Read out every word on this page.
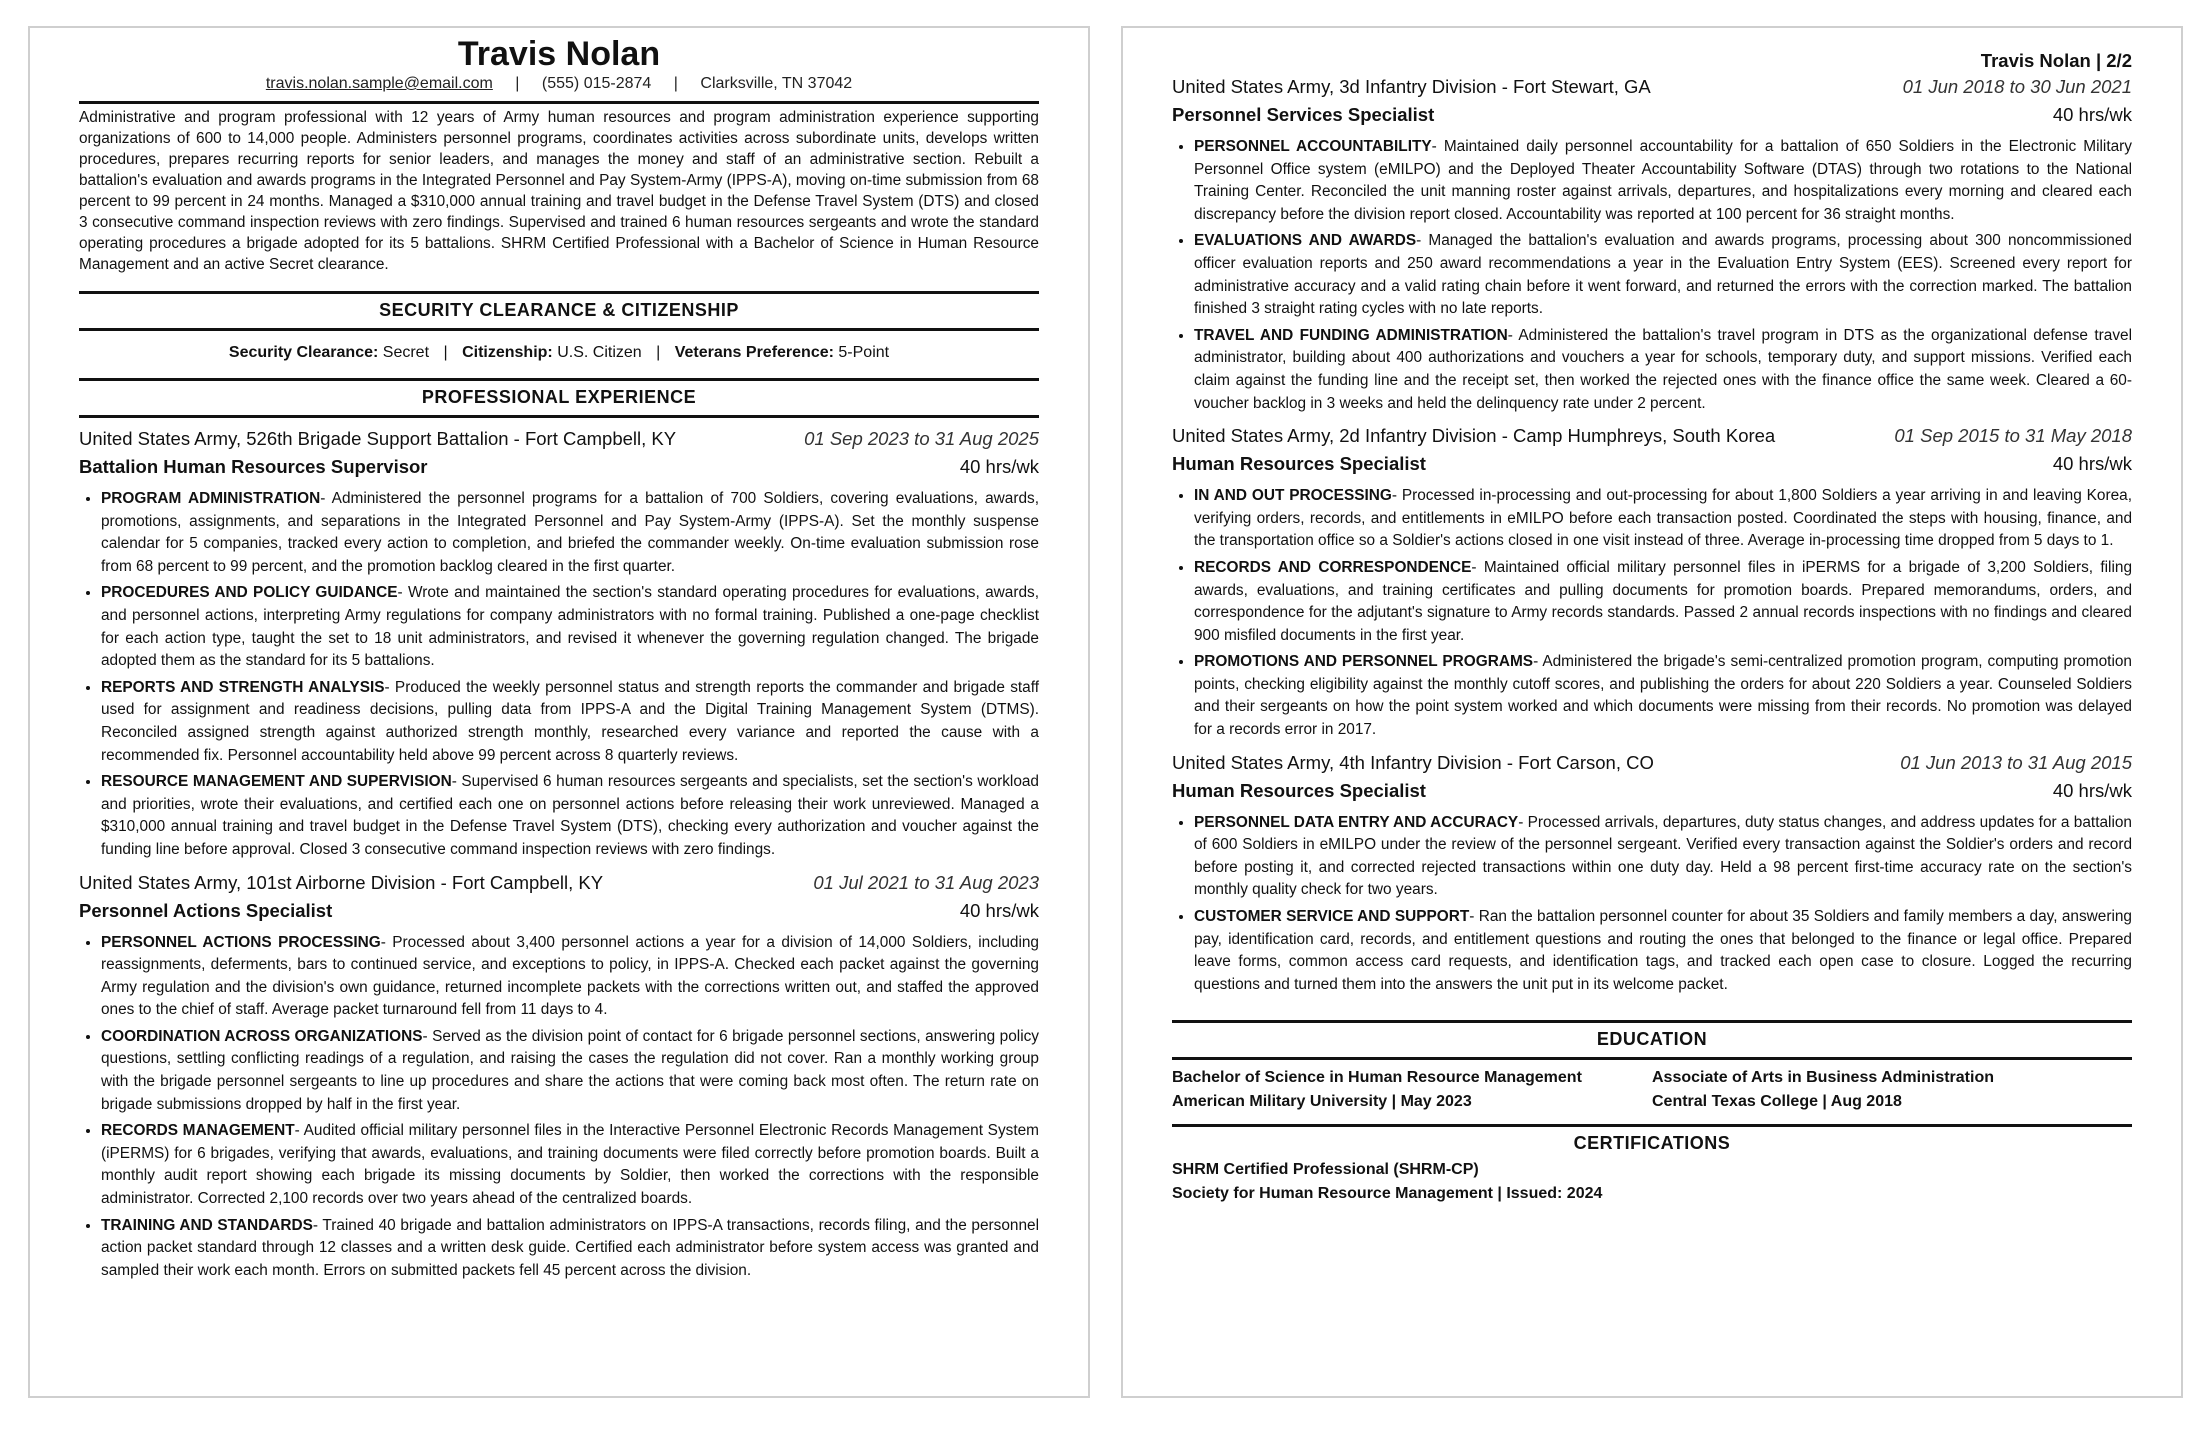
Travis Nolan
travis.nolan.sample@email.com | (555) 015-2874 | Clarksville, TN 37042
Administrative and program professional with 12 years of Army human resources and program administration experience supporting organizations of 600 to 14,000 people. Administers personnel programs, coordinates activities across subordinate units, develops written procedures, prepares recurring reports for senior leaders, and manages the money and staff of an administrative section. Rebuilt a battalion's evaluation and awards programs in the Integrated Personnel and Pay System-Army (IPPS-A), moving on-time submission from 68 percent to 99 percent in 24 months. Managed a $310,000 annual training and travel budget in the Defense Travel System (DTS) and closed 3 consecutive command inspection reviews with zero findings. Supervised and trained 6 human resources sergeants and wrote the standard operating procedures a brigade adopted for its 5 battalions. SHRM Certified Professional with a Bachelor of Science in Human Resource Management and an active Secret clearance.
SECURITY CLEARANCE & CITIZENSHIP
Security Clearance: Secret | Citizenship: U.S. Citizen | Veterans Preference: 5-Point
PROFESSIONAL EXPERIENCE
United States Army, 526th Brigade Support Battalion - Fort Campbell, KY	01 Sep 2023 to 31 Aug 2025
Battalion Human Resources Supervisor	40 hrs/wk
• PROGRAM ADMINISTRATION- Administered the personnel programs for a battalion of 700 Soldiers, covering evaluations, awards, promotions, assignments, and separations in the Integrated Personnel and Pay System-Army (IPPS-A). Set the monthly suspense calendar for 5 companies, tracked every action to completion, and briefed the commander weekly. On-time evaluation submission rose from 68 percent to 99 percent, and the promotion backlog cleared in the first quarter.
• PROCEDURES AND POLICY GUIDANCE- Wrote and maintained the section's standard operating procedures for evaluations, awards, and personnel actions, interpreting Army regulations for company administrators with no formal training. Published a one-page checklist for each action type, taught the set to 18 unit administrators, and revised it whenever the governing regulation changed. The brigade adopted them as the standard for its 5 battalions.
• REPORTS AND STRENGTH ANALYSIS- Produced the weekly personnel status and strength reports the commander and brigade staff used for assignment and readiness decisions, pulling data from IPPS-A and the Digital Training Management System (DTMS). Reconciled assigned strength against authorized strength monthly, researched every variance and reported the cause with a recommended fix. Personnel accountability held above 99 percent across 8 quarterly reviews.
• RESOURCE MANAGEMENT AND SUPERVISION- Supervised 6 human resources sergeants and specialists, set the section's workload and priorities, wrote their evaluations, and certified each one on personnel actions before releasing their work unreviewed. Managed a $310,000 annual training and travel budget in the Defense Travel System (DTS), checking every authorization and voucher against the funding line before approval. Closed 3 consecutive command inspection reviews with zero findings.
United States Army, 101st Airborne Division - Fort Campbell, KY	01 Jul 2021 to 31 Aug 2023
Personnel Actions Specialist	40 hrs/wk
• PERSONNEL ACTIONS PROCESSING- Processed about 3,400 personnel actions a year for a division of 14,000 Soldiers, including reassignments, deferments, bars to continued service, and exceptions to policy, in IPPS-A. Checked each packet against the governing Army regulation and the division's own guidance, returned incomplete packets with the corrections written out, and staffed the approved ones to the chief of staff. Average packet turnaround fell from 11 days to 4.
• COORDINATION ACROSS ORGANIZATIONS- Served as the division point of contact for 6 brigade personnel sections, answering policy questions, settling conflicting readings of a regulation, and raising the cases the regulation did not cover. Ran a monthly working group with the brigade personnel sergeants to line up procedures and share the actions that were coming back most often. The return rate on brigade submissions dropped by half in the first year.
• RECORDS MANAGEMENT- Audited official military personnel files in the Interactive Personnel Electronic Records Management System (iPERMS) for 6 brigades, verifying that awards, evaluations, and training documents were filed correctly before promotion boards. Built a monthly audit report showing each brigade its missing documents by Soldier, then worked the corrections with the responsible administrator. Corrected 2,100 records over two years ahead of the centralized boards.
• TRAINING AND STANDARDS- Trained 40 brigade and battalion administrators on IPPS-A transactions, records filing, and the personnel action packet standard through 12 classes and a written desk guide. Certified each administrator before system access was granted and sampled their work each month. Errors on submitted packets fell 45 percent across the division.
Travis Nolan | 2/2
United States Army, 3d Infantry Division - Fort Stewart, GA	01 Jun 2018 to 30 Jun 2021
Personnel Services Specialist	40 hrs/wk
• PERSONNEL ACCOUNTABILITY- Maintained daily personnel accountability for a battalion of 650 Soldiers in the Electronic Military Personnel Office system (eMILPO) and the Deployed Theater Accountability Software (DTAS) through two rotations to the National Training Center. Reconciled the unit manning roster against arrivals, departures, and hospitalizations every morning and cleared each discrepancy before the division report closed. Accountability was reported at 100 percent for 36 straight months.
• EVALUATIONS AND AWARDS- Managed the battalion's evaluation and awards programs, processing about 300 noncommissioned officer evaluation reports and 250 award recommendations a year in the Evaluation Entry System (EES). Screened every report for administrative accuracy and a valid rating chain before it went forward, and returned the errors with the correction marked. The battalion finished 3 straight rating cycles with no late reports.
• TRAVEL AND FUNDING ADMINISTRATION- Administered the battalion's travel program in DTS as the organizational defense travel administrator, building about 400 authorizations and vouchers a year for schools, temporary duty, and support missions. Verified each claim against the funding line and the receipt set, then worked the rejected ones with the finance office the same week. Cleared a 60-voucher backlog in 3 weeks and held the delinquency rate under 2 percent.
United States Army, 2d Infantry Division - Camp Humphreys, South Korea	01 Sep 2015 to 31 May 2018
Human Resources Specialist	40 hrs/wk
• IN AND OUT PROCESSING- Processed in-processing and out-processing for about 1,800 Soldiers a year arriving in and leaving Korea, verifying orders, records, and entitlements in eMILPO before each transaction posted. Coordinated the steps with housing, finance, and the transportation office so a Soldier's actions closed in one visit instead of three. Average in-processing time dropped from 5 days to 1.
• RECORDS AND CORRESPONDENCE- Maintained official military personnel files in iPERMS for a brigade of 3,200 Soldiers, filing awards, evaluations, and training certificates and pulling documents for promotion boards. Prepared memorandums, orders, and correspondence for the adjutant's signature to Army records standards. Passed 2 annual records inspections with no findings and cleared 900 misfiled documents in the first year.
• PROMOTIONS AND PERSONNEL PROGRAMS- Administered the brigade's semi-centralized promotion program, computing promotion points, checking eligibility against the monthly cutoff scores, and publishing the orders for about 220 Soldiers a year. Counseled Soldiers and their sergeants on how the point system worked and which documents were missing from their records. No promotion was delayed for a records error in 2017.
United States Army, 4th Infantry Division - Fort Carson, CO	01 Jun 2013 to 31 Aug 2015
Human Resources Specialist	40 hrs/wk
• PERSONNEL DATA ENTRY AND ACCURACY- Processed arrivals, departures, duty status changes, and address updates for a battalion of 600 Soldiers in eMILPO under the review of the personnel sergeant. Verified every transaction against the Soldier's orders and record before posting it, and corrected rejected transactions within one duty day. Held a 98 percent first-time accuracy rate on the section's monthly quality check for two years.
• CUSTOMER SERVICE AND SUPPORT- Ran the battalion personnel counter for about 35 Soldiers and family members a day, answering pay, identification card, records, and entitlement questions and routing the ones that belonged to the finance or legal office. Prepared leave forms, common access card requests, and identification tags, and tracked each open case to closure. Logged the recurring questions and turned them into the answers the unit put in its welcome packet.
EDUCATION
Bachelor of Science in Human Resource Management
American Military University | May 2023
Associate of Arts in Business Administration
Central Texas College | Aug 2018
CERTIFICATIONS
SHRM Certified Professional (SHRM-CP)
Society for Human Resource Management | Issued: 2024
